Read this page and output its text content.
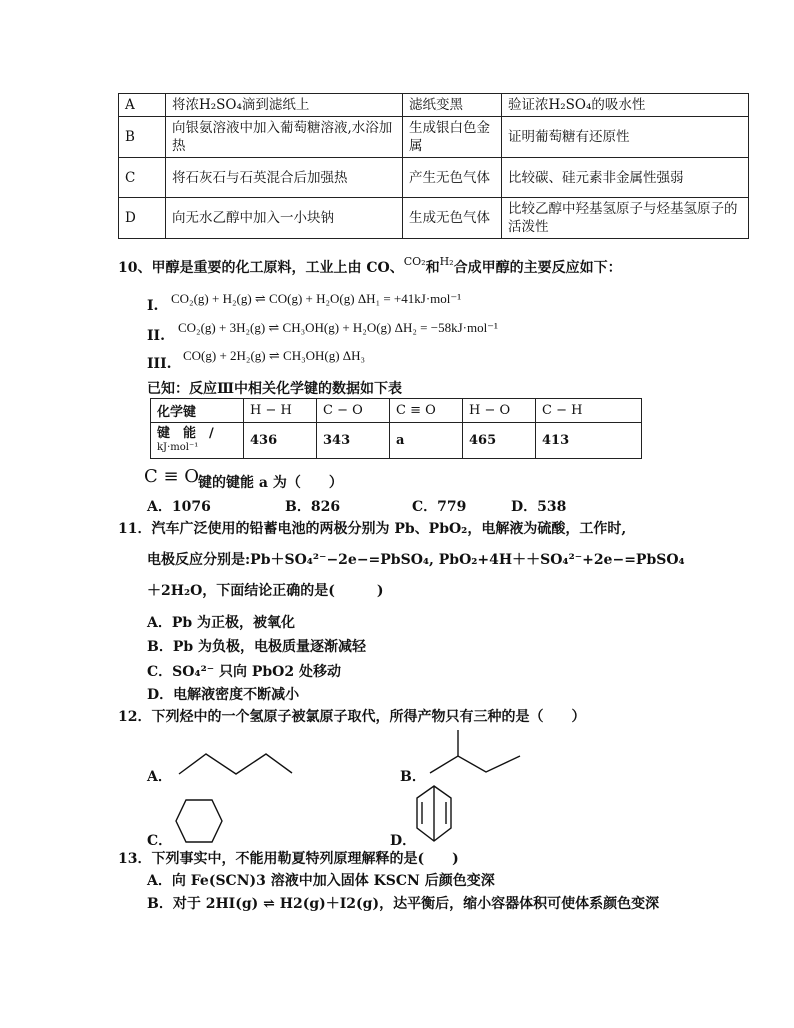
A	将浓H₂SO₄滴到滤纸上	滤纸变黑	验证浓H₂SO₄的吸水性
B	向银氨溶液中加入葡萄糖溶液,水浴加热	生成银白色金属	证明葡萄糖有还原性
C	将石灰石与石英混合后加强热	产生无色气体	比较碳、硅元素非金属性强弱
D	向无水乙醇中加入一小块钠	生成无色气体	比较乙醇中羟基氢原子与烃基氢原子的活泼性
10、甲醇是重要的化工原料，工业上由 CO、$^{CO_2}$和$^{H_2}$合成甲醇的主要反应如下：
I. CO₂(g) + H₂(g) ⇌ CO(g) + H₂O(g) ΔH₁ = +41kJ·mol⁻¹
II.
CO₂(g) + 3H₂(g) ⇌ CH₃OH(g) + H₂O(g) ΔH₂ = −58kJ·mol⁻¹
III.
CO(g) + 2H₂(g) ⇌ CH₃OH(g) ΔH₃
已知：反应Ⅲ中相关化学键的数据如下表
化学键	H − H	C − O	C ≡ O	H − O	C − H

键　能　/
kJ·mol⁻¹	436	343	a	465	413
C ≡ O
键的键能 a 为（　　）
A．1076	B．826	C．779	D．538
11．汽车广泛使用的铅蓄电池的两极分别为 Pb、PbO₂，电解液为硫酸，工作时,
电极反应分别是:Pb＋SO₄²⁻−2e−=PbSO₄, PbO₂+4H＋＋SO₄²⁻+2e−=PbSO₄
＋2H₂O，下面结论正确的是(　　　)
A．Pb 为正极，被氧化
B．Pb 为负极，电极质量逐渐减轻
C．SO₄²⁻ 只向 PbO2 处移动
D．电解液密度不断减小
12．下列烃中的一个氢原子被氯原子取代，所得产物只有三种的是（　　）
A．	B．
C．	D．
13．下列事实中，不能用勒夏特列原理解释的是(　　)
A．向 Fe(SCN)3 溶液中加入固体 KSCN 后颜色变深
B．对于 2HI(g) ⇌ H2(g)＋I2(g)，达平衡后，缩小容器体积可使体系颜色变深
